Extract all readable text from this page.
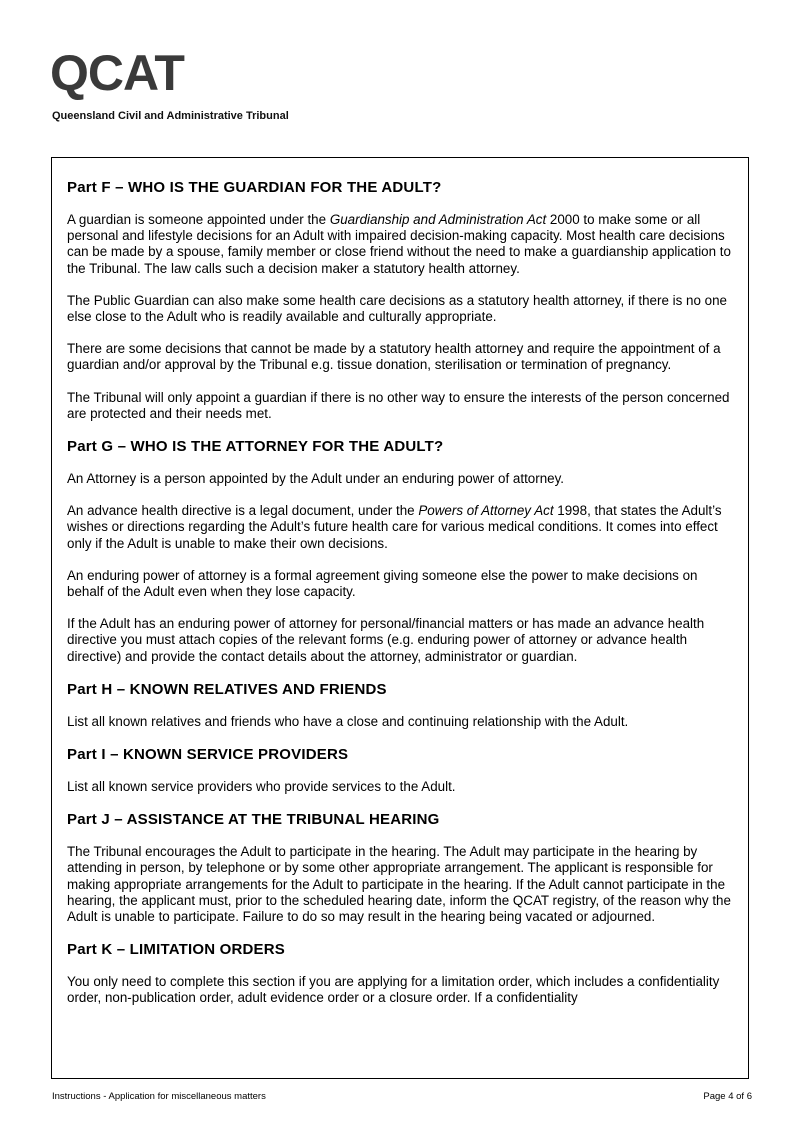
QCAT
Queensland Civil and Administrative Tribunal
Part F – WHO IS THE GUARDIAN FOR THE ADULT?

A guardian is someone appointed under the Guardianship and Administration Act 2000 to make some or all personal and lifestyle decisions for an Adult with impaired decision-making capacity. Most health care decisions can be made by a spouse, family member or close friend without the need to make a guardianship application to the Tribunal. The law calls such a decision maker a statutory health attorney.

The Public Guardian can also make some health care decisions as a statutory health attorney, if there is no one else close to the Adult who is readily available and culturally appropriate.

There are some decisions that cannot be made by a statutory health attorney and require the appointment of a guardian and/or approval by the Tribunal e.g. tissue donation, sterilisation or termination of pregnancy.

The Tribunal will only appoint a guardian if there is no other way to ensure the interests of the person concerned are protected and their needs met.

Part G – WHO IS THE ATTORNEY FOR THE ADULT?

An Attorney is a person appointed by the Adult under an enduring power of attorney.

An advance health directive is a legal document, under the Powers of Attorney Act 1998, that states the Adult’s wishes or directions regarding the Adult’s future health care for various medical conditions. It comes into effect only if the Adult is unable to make their own decisions.

An enduring power of attorney is a formal agreement giving someone else the power to make decisions on behalf of the Adult even when they lose capacity.

If the Adult has an enduring power of attorney for personal/financial matters or has made an advance health directive you must attach copies of the relevant forms (e.g. enduring power of attorney or advance health directive) and provide the contact details about the attorney, administrator or guardian.

Part H – KNOWN RELATIVES AND FRIENDS

List all known relatives and friends who have a close and continuing relationship with the Adult.

Part I – KNOWN SERVICE PROVIDERS

List all known service providers who provide services to the Adult.

Part J – ASSISTANCE AT THE TRIBUNAL HEARING

The Tribunal encourages the Adult to participate in the hearing. The Adult may participate in the hearing by attending in person, by telephone or by some other appropriate arrangement. The applicant is responsible for making appropriate arrangements for the Adult to participate in the hearing. If the Adult cannot participate in the hearing, the applicant must, prior to the scheduled hearing date, inform the QCAT registry, of the reason why the Adult is unable to participate. Failure to do so may result in the hearing being vacated or adjourned.

Part K – LIMITATION ORDERS

You only need to complete this section if you are applying for a limitation order, which includes a confidentiality order, non-publication order, adult evidence order or a closure order. If a confidentiality

Instructions - Application for miscellaneous matters	Page 4 of 6
